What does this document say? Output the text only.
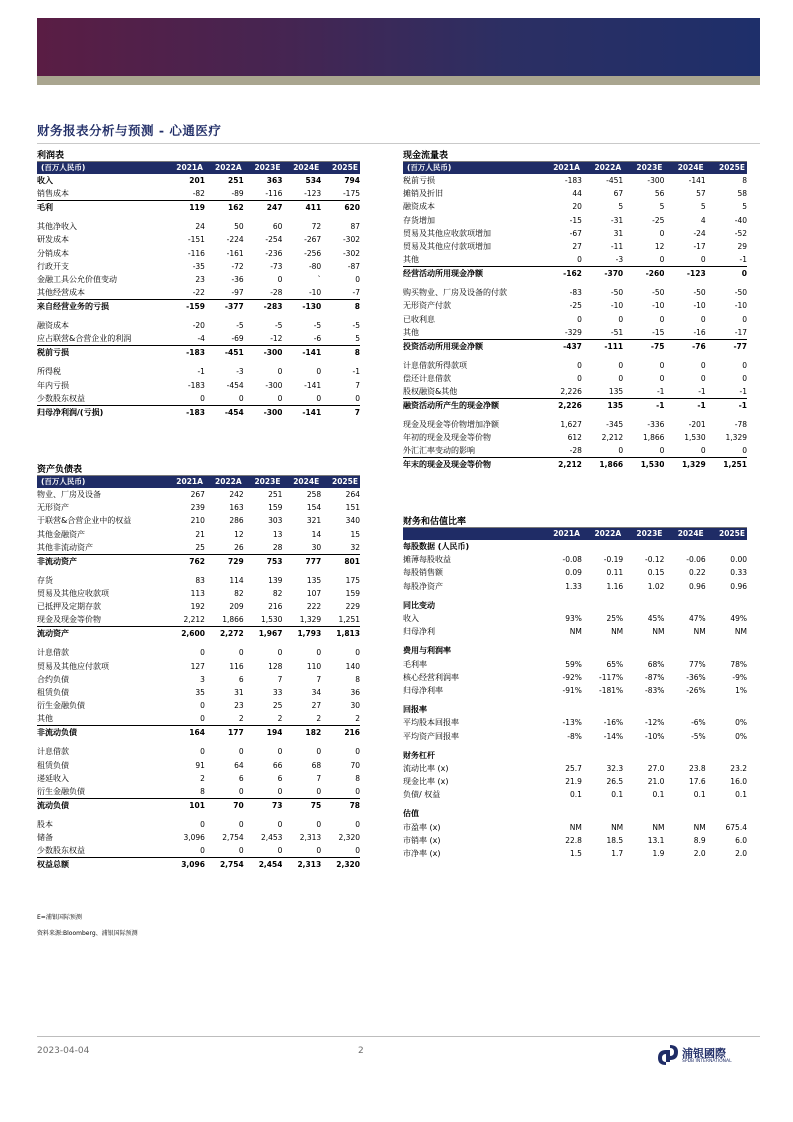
财务报表分析与预测 - 心通医疗
利润表
(百万人民币)	2021A	2022A	2023E	2024E	2025E
收入	201	251	363	534	794
销售成本	-82	-89	-116	-123	-175
毛利	119	162	247	411	620

其他净收入	24	50	60	72	87
研发成本	-151	-224	-254	-267	-302
分销成本	-116	-161	-236	-256	-302
行政开支	-35	-72	-73	-80	-87
金融工具公允价值变动	23	-36	0	`	0
其他经营成本	-22	-97	-28	-10	-7
来自经营业务的亏损	-159	-377	-283	-130	8

融资成本	-20	-5	-5	-5	-5
应占联营&合营企业的利润	-4	-69	-12	-6	5
税前亏损	-183	-451	-300	-141	8

所得税	-1	-3	0	0	-1
年内亏损	-183	-454	-300	-141	7
少数股东权益	0	0	0	0	0
归母净利润/(亏损)	-183	-454	-300	-141	7
资产负债表
(百万人民币)	2021A	2022A	2023E	2024E	2025E
物业、厂房及设备	267	242	251	258	264
无形资产	239	163	159	154	151
于联营&合营企业中的权益	210	286	303	321	340
其他金融资产	21	12	13	14	15
其他非流动资产	25	26	28	30	32
非流动资产	762	729	753	777	801

存货	83	114	139	135	175
贸易及其他应收款项	113	82	82	107	159
已抵押及定期存款	192	209	216	222	229
现金及现金等价物	2,212	1,866	1,530	1,329	1,251
流动资产	2,600	2,272	1,967	1,793	1,813

计息借款	0	0	0	0	0
贸易及其他应付款项	127	116	128	110	140
合约负债	3	6	7	7	8
租赁负债	35	31	33	34	36
衍生金融负债	0	23	25	27	30
其他	0	2	2	2	2
非流动负债	164	177	194	182	216

计息借款	0	0	0	0	0
租赁负债	91	64	66	68	70
递延收入	2	6	6	7	8
衍生金融负债	8	0	0	0	0
流动负债	101	70	73	75	78

股本	0	0	0	0	0
储备	3,096	2,754	2,453	2,313	2,320
少数股东权益	0	0	0	0	0
权益总额	3,096	2,754	2,454	2,313	2,320
现金流量表
(百万人民币)	2021A	2022A	2023E	2024E	2025E
税前亏损	-183	-451	-300	-141	8
摊销及折旧	44	67	56	57	58
融资成本	20	5	5	5	5
存货增加	-15	-31	-25	4	-40
贸易及其他应收款项增加	-67	31	0	-24	-52
贸易及其他应付款项增加	27	-11	12	-17	29
其他	0	-3	0	0	-1
经营活动所用现金净额	-162	-370	-260	-123	0

购买物业、厂房及设备的付款	-83	-50	-50	-50	-50
无形资产付款	-25	-10	-10	-10	-10
已收利息	0	0	0	0	0
其他	-329	-51	-15	-16	-17
投资活动所用现金净额	-437	-111	-75	-76	-77

计息借款所得款项	0	0	0	0	0
偿还计息借款	0	0	0	0	0
股权融资&其他	2,226	135	-1	-1	-1
融资活动所产生的现金净额	2,226	135	-1	-1	-1

现金及现金等价物增加净额	1,627	-345	-336	-201	-78
年初的现金及现金等价物	612	2,212	1,866	1,530	1,329
外汇汇率变动的影响	-28	0	0	0	0
年末的现金及现金等价物	2,212	1,866	1,530	1,329	1,251
财务和估值比率
	2021A	2022A	2023E	2024E	2025E
每股数据 (人民币)					
摊薄每股收益	-0.08	-0.19	-0.12	-0.06	0.00
每股销售额	0.09	0.11	0.15	0.22	0.33
每股净资产	1.33	1.16	1.02	0.96	0.96

同比变动					
收入	93%	25%	45%	47%	49%
归母净利	NM	NM	NM	NM	NM

费用与利润率					
毛利率	59%	65%	68%	77%	78%
核心经营利润率	-92%	-117%	-87%	-36%	-9%
归母净利率	-91%	-181%	-83%	-26%	1%

回报率					
平均股本回报率	-13%	-16%	-12%	-6%	0%
平均资产回报率	-8%	-14%	-10%	-5%	0%

财务杠杆					
流动比率 (x)	25.7	32.3	27.0	23.8	23.2
现金比率 (x)	21.9	26.5	21.0	17.6	16.0
负债/ 权益	0.1	0.1	0.1	0.1	0.1

估值					
市盈率 (x)	NM	NM	NM	NM	675.4
市销率 (x)	22.8	18.5	13.1	8.9	6.0
市净率 (x)	1.5	1.7	1.9	2.0	2.0
E=浦银国际预测
资料来源:Bloomberg、浦银国际预测
2023-04-04	2	浦银國際
SPDB INTERNATIONAL
